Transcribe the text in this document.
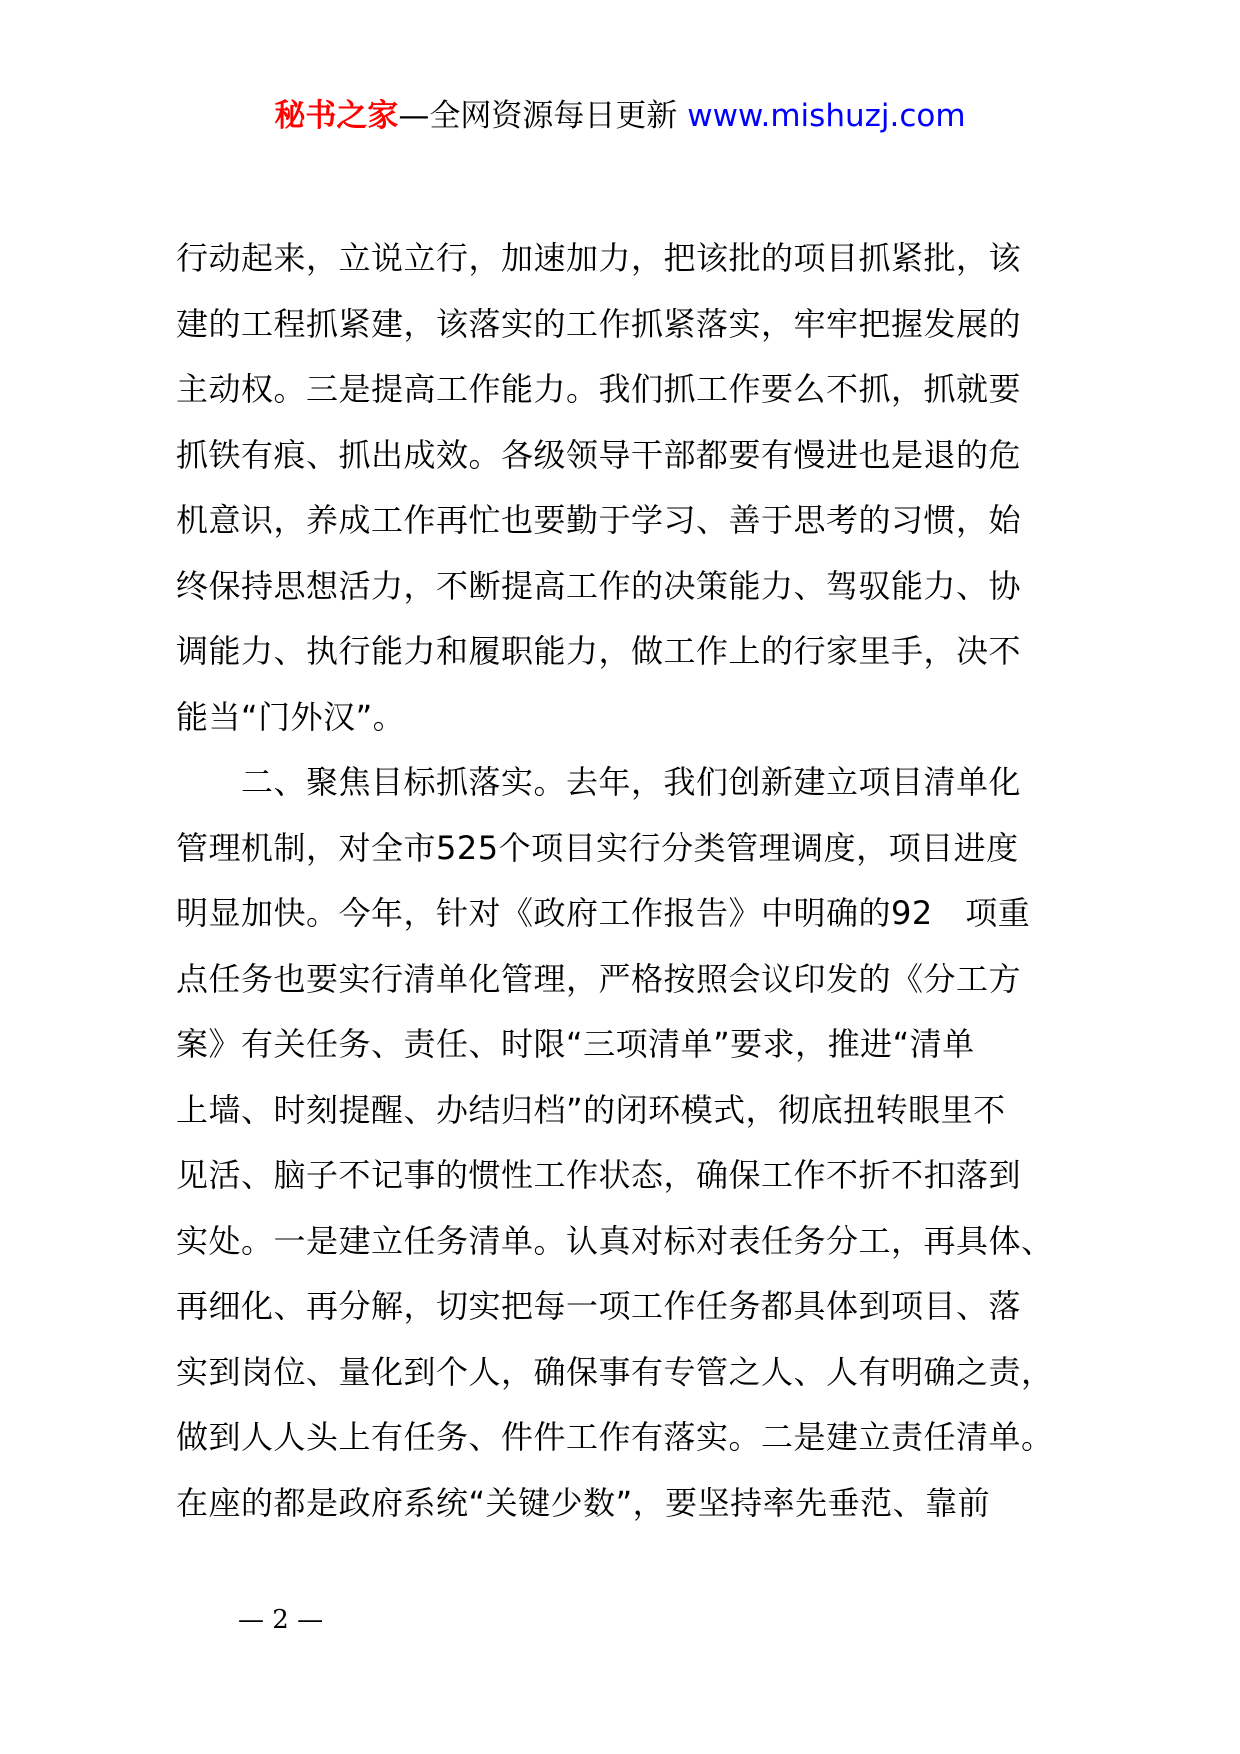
秘书之家—全网资源每日更新 www.mishuzj.com
行动起来，立说立行，加速加力，把该批的项目抓紧批，该
建的工程抓紧建，该落实的工作抓紧落实，牢牢把握发展的
主动权。三是提高工作能力。我们抓工作要么不抓，抓就要
抓铁有痕、抓出成效。各级领导干部都要有慢进也是退的危
机意识，养成工作再忙也要勤于学习、善于思考的习惯，始
终保持思想活力，不断提高工作的决策能力、驾驭能力、协
调能力、执行能力和履职能力，做工作上的行家里手，决不
能当“门外汉”。
　　二、聚焦目标抓落实。去年，我们创新建立项目清单化
管理机制，对全市525个项目实行分类管理调度，项目进度
明显加快。今年，针对《政府工作报告》中明确的92　项重
点任务也要实行清单化管理，严格按照会议印发的《分工方
案》有关任务、责任、时限“三项清单”要求，推进“清单
上墙、时刻提醒、办结归档”的闭环模式，彻底扭转眼里不
见活、脑子不记事的惯性工作状态，确保工作不折不扣落到
实处。一是建立任务清单。认真对标对表任务分工，再具体、
再细化、再分解，切实把每一项工作任务都具体到项目、落
实到岗位、量化到个人，确保事有专管之人、人有明确之责，
做到人人头上有任务、件件工作有落实。二是建立责任清单。
在座的都是政府系统“关键少数”，要坚持率先垂范、靠前
— 2 —
